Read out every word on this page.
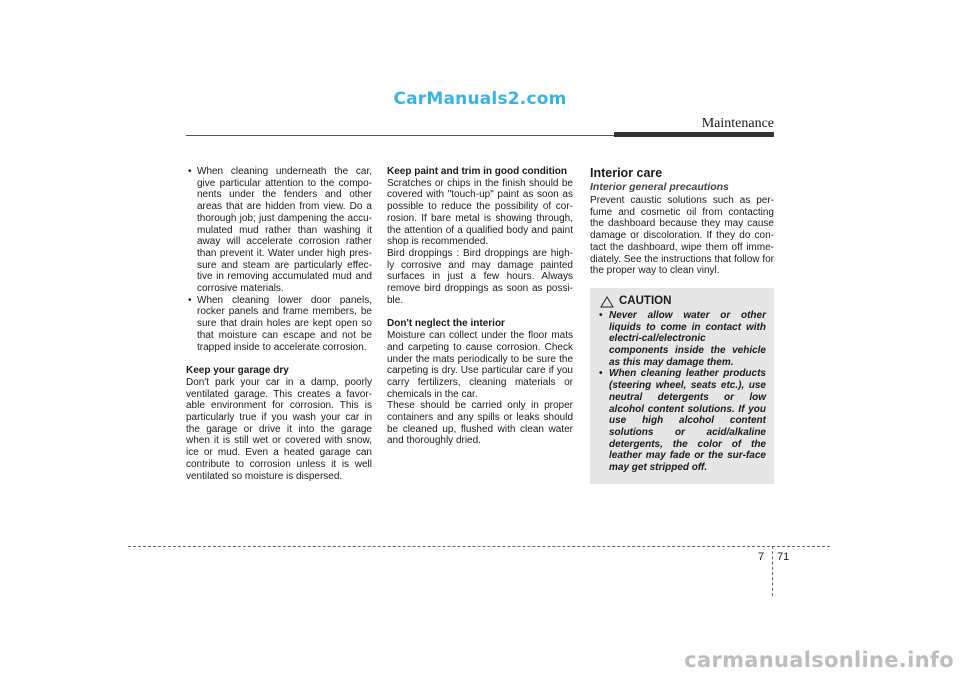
CarManuals2.com
Maintenance
• When cleaning underneath the car, give particular attention to the compo-nents under the fenders and other areas that are hidden from view. Do a thorough job; just dampening the accu-mulated mud rather than washing it away will accelerate corrosion rather than prevent it. Water under high pres-sure and steam are particularly effec-tive in removing accumulated mud and corrosive materials.
• When cleaning lower door panels, rocker panels and frame members, be sure that drain holes are kept open so that moisture can escape and not be trapped inside to accelerate corrosion.
Keep your garage dry

Don't park your car in a damp, poorly ventilated garage. This creates a favor-able environment for corrosion. This is particularly true if you wash your car in the garage or drive it into the garage when it is still wet or covered with snow, ice or mud. Even a heated garage can contribute to corrosion unless it is well ventilated so moisture is dispersed.

Keep paint and trim in good condition

Scratches or chips in the finish should be covered with "touch-up" paint as soon as possible to reduce the possibility of cor-rosion. If bare metal is showing through, the attention of a qualified body and paint shop is recommended.

Bird droppings : Bird droppings are high-ly corrosive and may damage painted surfaces in just a few hours. Always remove bird droppings as soon as possi-ble.

Don't neglect the interior

Moisture can collect under the floor mats and carpeting to cause corrosion. Check under the mats periodically to be sure the carpeting is dry. Use particular care if you carry fertilizers, cleaning materials or chemicals in the car.

These should be carried only in proper containers and any spills or leaks should be cleaned up, flushed with clean water and thoroughly dried.

Interior care
Interior general precautions

Prevent caustic solutions such as per-fume and cosmetic oil from contacting the dashboard because they may cause damage or discoloration. If they do con-tact the dashboard, wipe them off imme-diately. See the instructions that follow for the proper way to clean vinyl.

CAUTION
• Never allow water or other liquids to come in contact with electri-cal/electronic components inside the vehicle as this may damage them.
• When cleaning leather products (steering wheel, seats etc.), use neutral detergents or low alcohol content solutions. If you use high alcohol content solutions or acid/alkaline detergents, the color of the leather may fade or the sur-face may get stripped off.
7 71
carmanualsonline.info
